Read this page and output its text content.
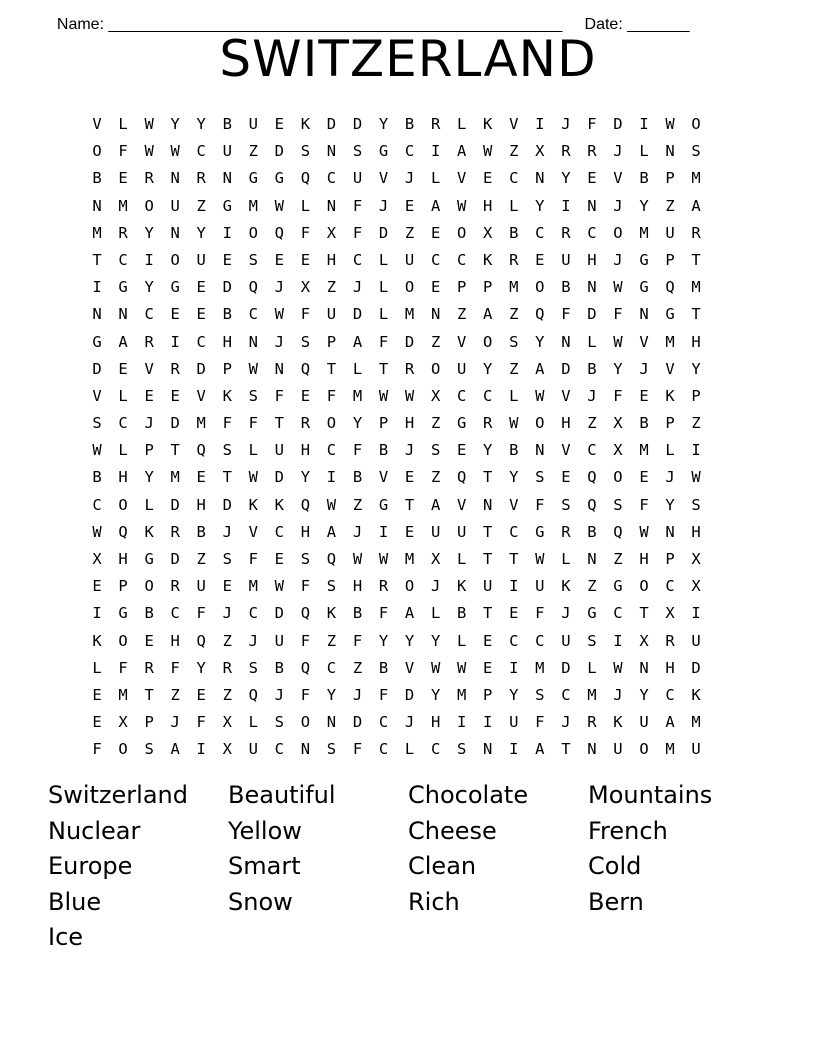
Name: ___________________________________________________ Date: _______

SWITZERLAND
V	L	W	Y	Y	B	U	E	K	D	D	Y	B	R	L	K	V	I	J	F	D	I	W	O
O	F	W	W	C	U	Z	D	S	N	S	G	C	I	A	W	Z	X	R	R	J	L	N	S
B	E	R	N	R	N	G	G	Q	C	U	V	J	L	V	E	C	N	Y	E	V	B	P	M
N	M	O	U	Z	G	M	W	L	N	F	J	E	A	W	H	L	Y	I	N	J	Y	Z	A
M	R	Y	N	Y	I	O	Q	F	X	F	D	Z	E	O	X	B	C	R	C	O	M	U	R
T	C	I	O	U	E	S	E	E	H	C	L	U	C	C	K	R	E	U	H	J	G	P	T
I	G	Y	G	E	D	Q	J	X	Z	J	L	O	E	P	P	M	O	B	N	W	G	Q	M
N	N	C	E	E	B	C	W	F	U	D	L	M	N	Z	A	Z	Q	F	D	F	N	G	T
G	A	R	I	C	H	N	J	S	P	A	F	D	Z	V	O	S	Y	N	L	W	V	M	H
D	E	V	R	D	P	W	N	Q	T	L	T	R	O	U	Y	Z	A	D	B	Y	J	V	Y
V	L	E	E	V	K	S	F	E	F	M	W	W	X	C	C	L	W	V	J	F	E	K	P
S	C	J	D	M	F	F	T	R	O	Y	P	H	Z	G	R	W	O	H	Z	X	B	P	Z
W	L	P	T	Q	S	L	U	H	C	F	B	J	S	E	Y	B	N	V	C	X	M	L	I
B	H	Y	M	E	T	W	D	Y	I	B	V	E	Z	Q	T	Y	S	E	Q	O	E	J	W
C	O	L	D	H	D	K	K	Q	W	Z	G	T	A	V	N	V	F	S	Q	S	F	Y	S
W	Q	K	R	B	J	V	C	H	A	J	I	E	U	U	T	C	G	R	B	Q	W	N	H
X	H	G	D	Z	S	F	E	S	Q	W	W	M	X	L	T	T	W	L	N	Z	H	P	X
E	P	O	R	U	E	M	W	F	S	H	R	O	J	K	U	I	U	K	Z	G	O	C	X
I	G	B	C	F	J	C	D	Q	K	B	F	A	L	B	T	E	F	J	G	C	T	X	I
K	O	E	H	Q	Z	J	U	F	Z	F	Y	Y	Y	L	E	C	C	U	S	I	X	R	U
L	F	R	F	Y	R	S	B	Q	C	Z	B	V	W	W	E	I	M	D	L	W	N	H	D
E	M	T	Z	E	Z	Q	J	F	Y	J	F	D	Y	M	P	Y	S	C	M	J	Y	C	K
E	X	P	J	F	X	L	S	O	N	D	C	J	H	I	I	U	F	J	R	K	U	A	M
F	O	S	A	I	X	U	C	N	S	F	C	L	C	S	N	I	A	T	N	U	O	M	U
Switzerland	Beautiful	Chocolate	Mountains
Nuclear	Yellow	Cheese	French
Europe	Smart	Clean	Cold
Blue	Snow	Rich	Bern
Ice
